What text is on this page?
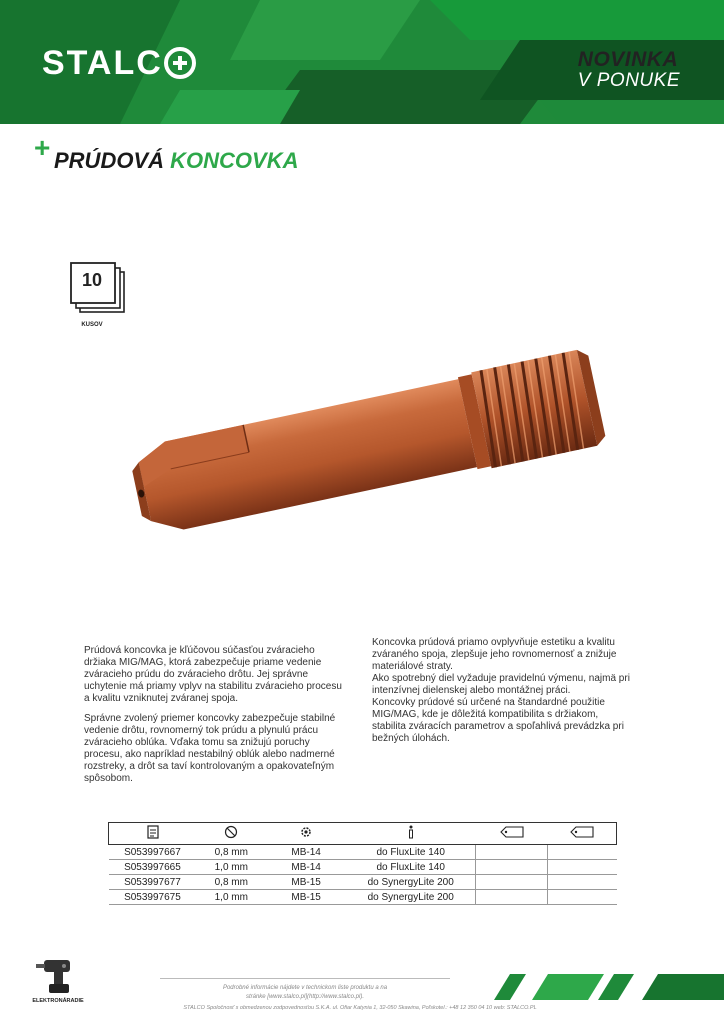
STALC	NOVINKA
V PONUKE
+ PRÚDOVÁ KONCOVKA
10
KUSOV

Prúdová koncovka je kľúčovou súčasťou zváracieho držiaka MIG/MAG, ktorá zabezpečuje priame vedenie zváracieho prúdu do zváracieho drôtu. Jej správne uchytenie má priamy vplyv na stabilitu zváracieho procesu a kvalitu vzniknutej zváranej spoja.

Správne zvolený priemer koncovky zabezpečuje stabilné vedenie drôtu, rovnomerný tok prúdu a plynulú prácu zváracieho oblúka. Vďaka tomu sa znižujú poruchy procesu, ako napríklad nestabilný oblúk alebo nadmerné rozstreky, a drôt sa taví kontrolovaným a opakovateľným spôsobom.

Koncovka prúdová priamo ovplyvňuje estetiku a kvalitu zváraného spoja, zlepšuje jeho rovnomernosť a znižuje materiálové straty.

Ako spotrebný diel vyžaduje pravidelnú výmenu, najmä pri intenzívnej dielenskej alebo montážnej práci.

Koncovky prúdové sú určené na štandardné použitie MIG/MAG, kde je dôležitá kompatibilita s držiakom, stabilita zváracích parametrov a spoľahlivá prevádzka pri bežných úlohách.

S053997667	0,8 mm	MB-14	do FluxLite 140		
S053997665	1,0 mm	MB-14	do FluxLite 140		
S053997677	0,8 mm	MB-15	do SynergyLite 200		
S053997675	1,0 mm	MB-15	do SynergyLite 200		
ELEKTRONÁRADIE
Podrobné informácie nájdete v technickom liste produktu a na
stránke [www.stalco.pl](http://www.stalco.pl).
STALCO Spoločnosť s obmedzenou zodpovednosťou S.K.A. ul. Ofiar Katynia 1, 32-050 Skawina, Poľskotel.: +48 12 350 04 10 web: STALCO.PL
